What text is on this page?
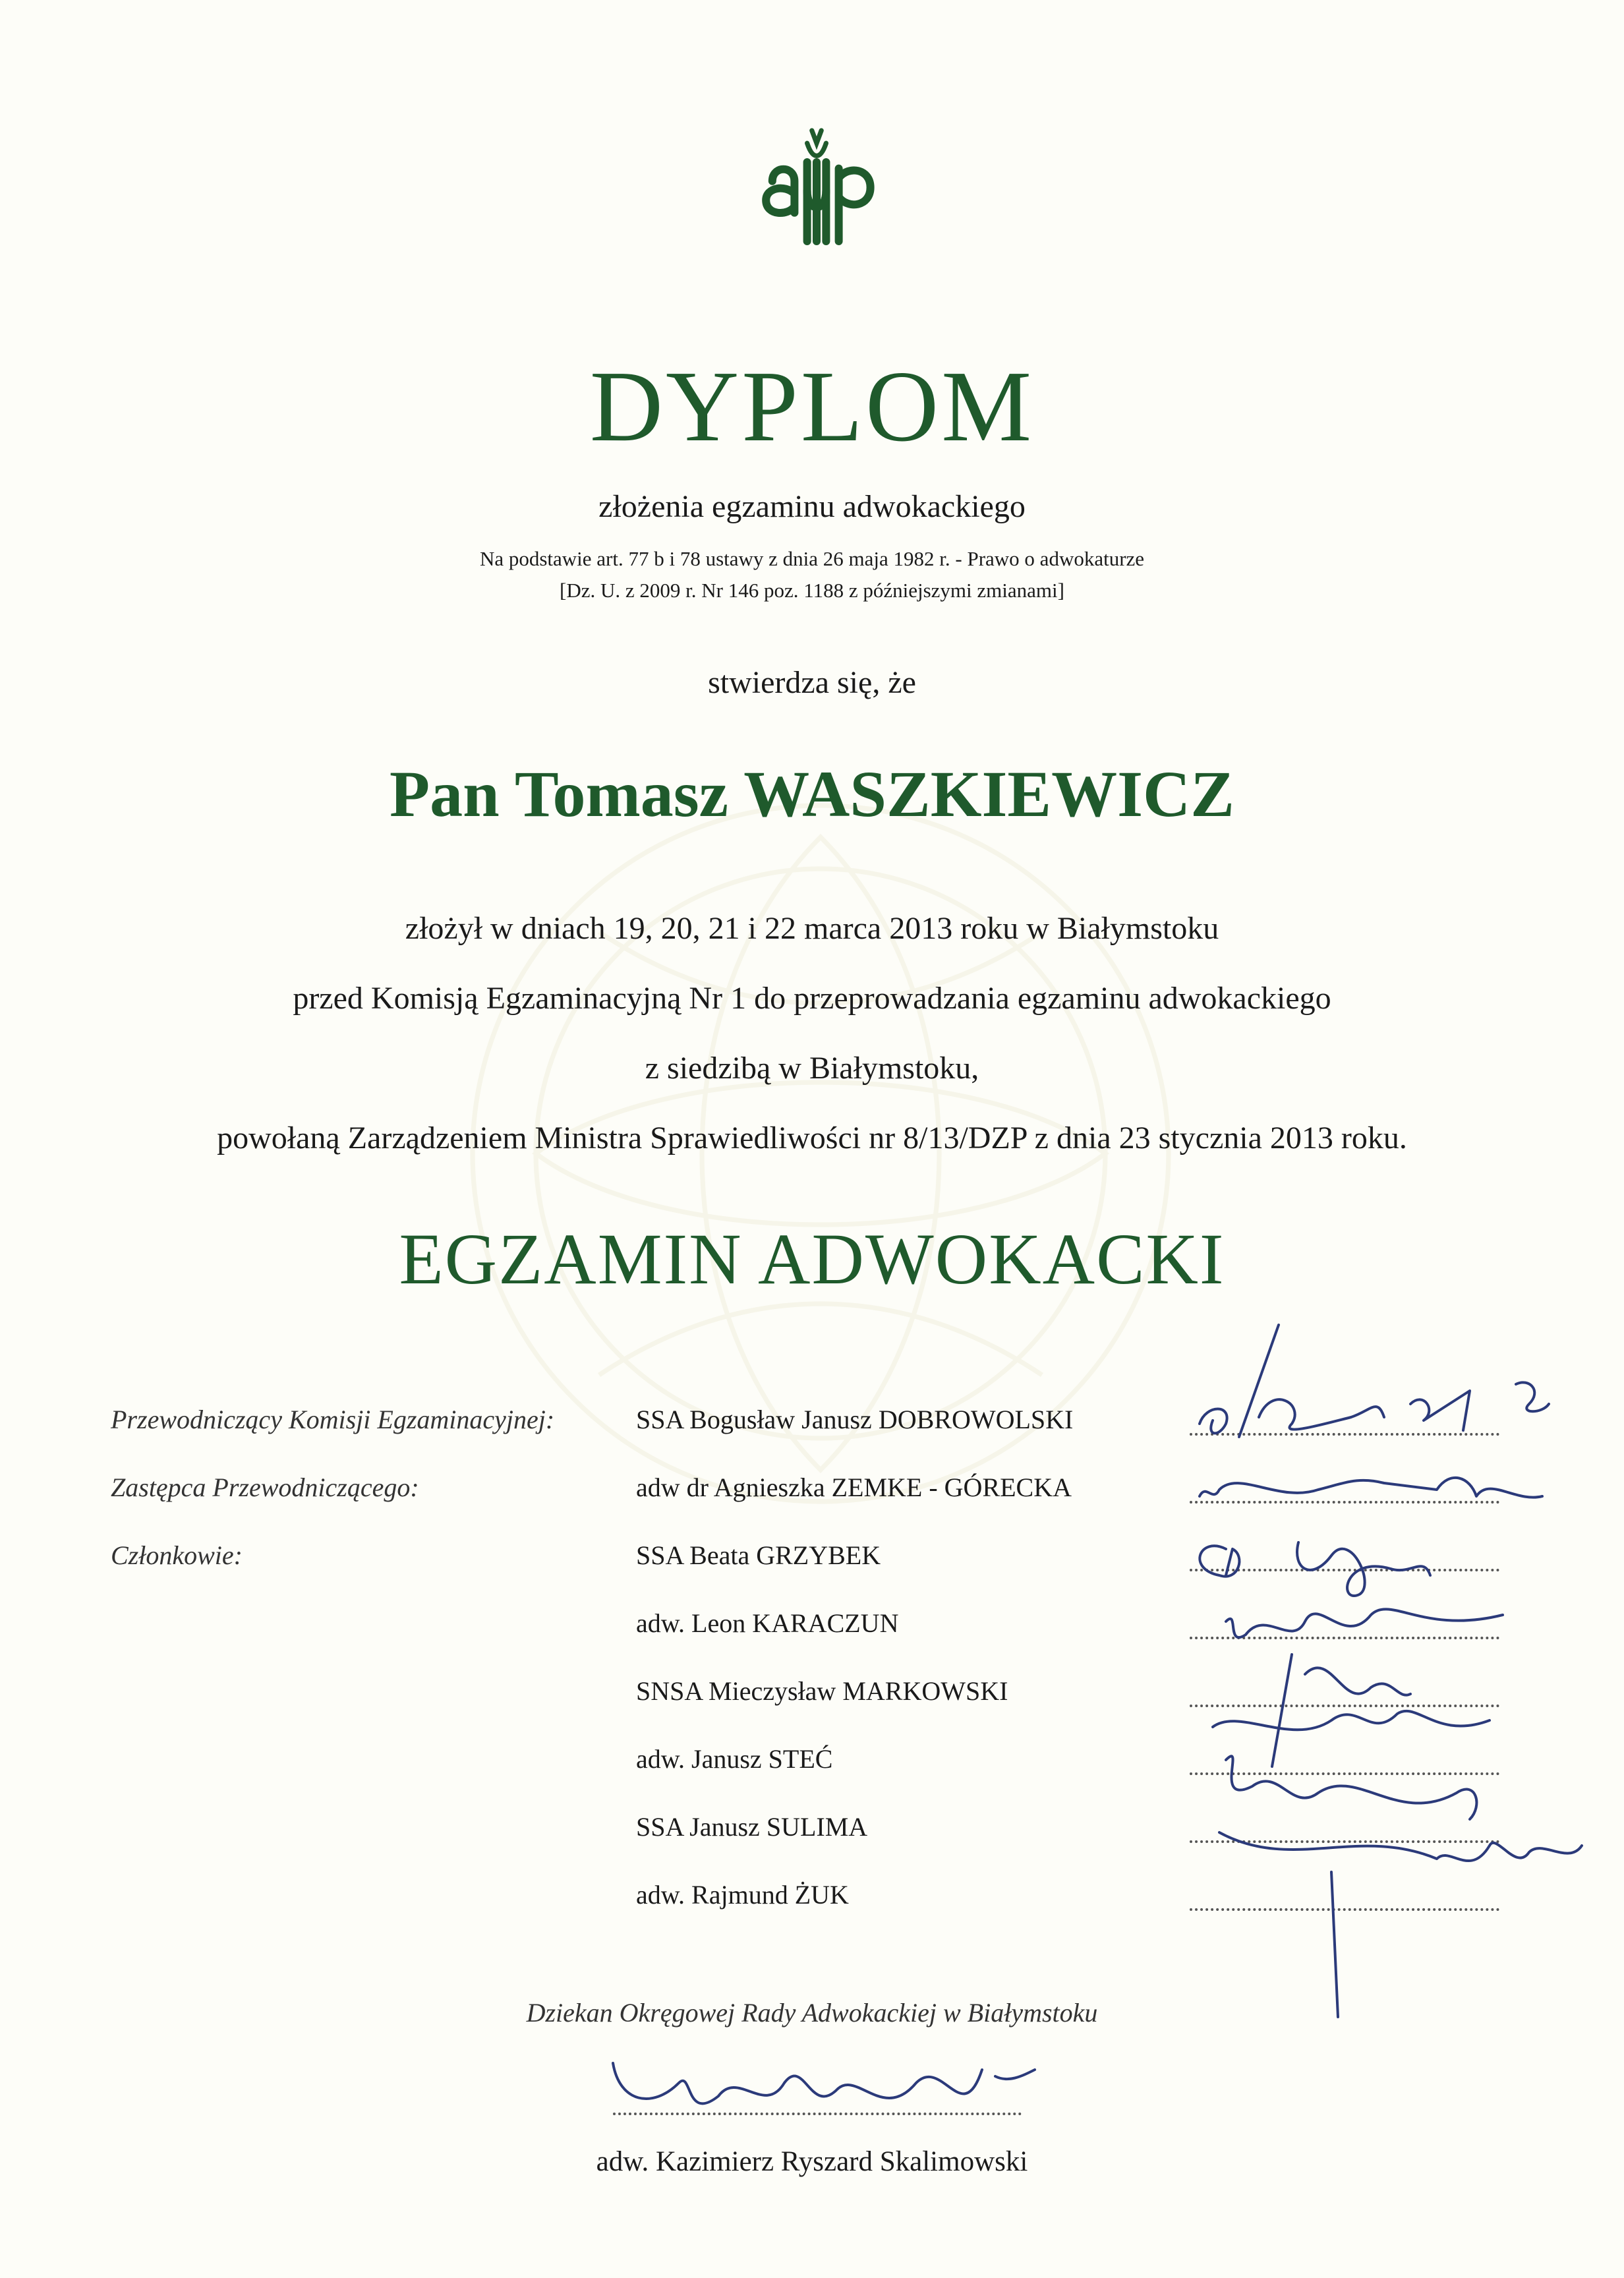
DYPLOM
złożenia egzaminu adwokackiego
Na podstawie art. 77 b i 78 ustawy z dnia 26 maja 1982 r. - Prawo o adwokaturze
[Dz. U. z 2009 r. Nr 146 poz. 1188 z późniejszymi zmianami]
stwierdza się, że
Pan Tomasz WASZKIEWICZ
złożył w dniach 19, 20, 21 i 22 marca 2013 roku w Białymstoku
przed Komisją Egzaminacyjną Nr 1 do przeprowadzania egzaminu adwokackiego
z siedzibą w Białymstoku,
powołaną Zarządzeniem Ministra Sprawiedliwości nr 8/13/DZP z dnia 23 stycznia 2013 roku.
EGZAMIN ADWOKACKI
Przewodniczący Komisji Egzaminacyjnej:
Zastępca Przewodniczącego:
Członkowie:
SSA Bogusław Janusz DOBROWOLSKI
adw dr Agnieszka ZEMKE - GÓRECKA
SSA Beata GRZYBEK
adw. Leon KARACZUN
SNSA Mieczysław MARKOWSKI
adw. Janusz STEĆ
SSA Janusz SULIMA
adw. Rajmund ŻUK
Dziekan Okręgowej Rady Adwokackiej w Białymstoku
adw. Kazimierz Ryszard Skalimowski
